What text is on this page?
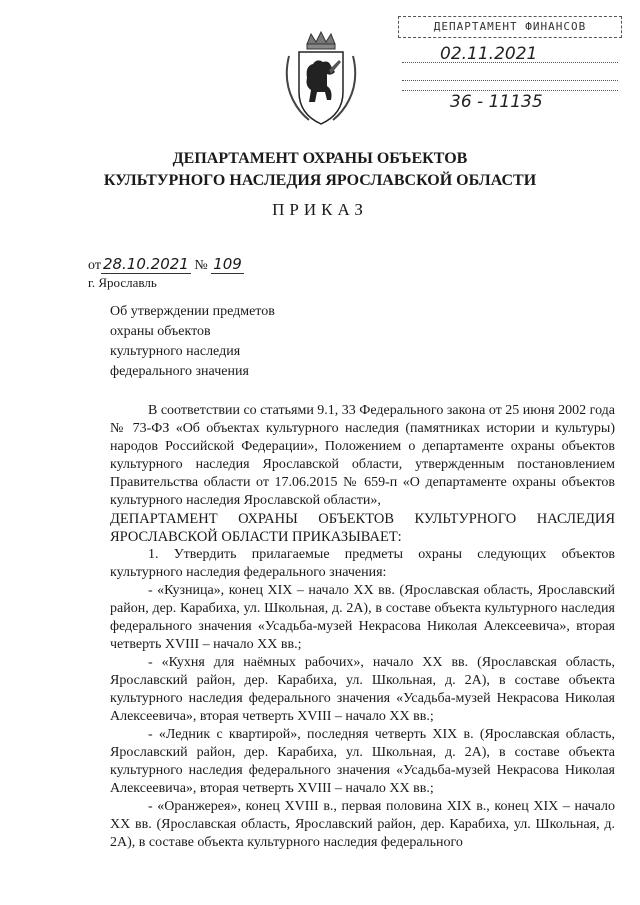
ДЕПАРТАМЕНТ ФИНАНСОВ
02.11.2021
36 - 11135
ДЕПАРТАМЕНТ ОХРАНЫ ОБЪЕКТОВ
КУЛЬТУРНОГО НАСЛЕДИЯ ЯРОСЛАВСКОЙ ОБЛАСТИ
ПРИКАЗ
от 28.10.2021 № 109
г. Ярославль
Об утверждении предметов
охраны объектов
культурного наследия
федерального значения

В соответствии со статьями 9.1, 33 Федерального закона от 25 июня 2002 года № 73-ФЗ «Об объектах культурного наследия (памятниках истории и культуры) народов Российской Федерации», Положением о департаменте охраны объектов культурного наследия Ярославской области, утвержденным постановлением Правительства области от 17.06.2015 № 659-п «О департаменте охраны объектов культурного наследия Ярославской области»,

ДЕПАРТАМЕНТ ОХРАНЫ ОБЪЕКТОВ КУЛЬТУРНОГО НАСЛЕДИЯ ЯРОСЛАВСКОЙ ОБЛАСТИ ПРИКАЗЫВАЕТ:

1. Утвердить прилагаемые предметы охраны следующих объектов культурного наследия федерального значения:

- «Кузница», конец XIX – начало XX вв. (Ярославская область, Ярославский район, дер. Карабиха, ул. Школьная, д. 2А), в составе объекта культурного наследия федерального значения «Усадьба-музей Некрасова Николая Алексеевича», вторая четверть XVIII – начало XX вв.;

- «Кухня для наёмных рабочих», начало XX вв. (Ярославская область, Ярославский район, дер. Карабиха, ул. Школьная, д. 2А), в составе объекта культурного наследия федерального значения «Усадьба-музей Некрасова Николая Алексеевича», вторая четверть XVIII – начало XX вв.;

- «Ледник с квартирой», последняя четверть XIX в. (Ярославская область, Ярославский район, дер. Карабиха, ул. Школьная, д. 2А), в составе объекта культурного наследия федерального значения «Усадьба-музей Некрасова Николая Алексеевича», вторая четверть XVIII – начало XX вв.;

- «Оранжерея», конец XVIII в., первая половина XIX в., конец XIX – начало XX вв. (Ярославская область, Ярославский район, дер. Карабиха, ул. Школьная, д. 2А), в составе объекта культурного наследия федерального
